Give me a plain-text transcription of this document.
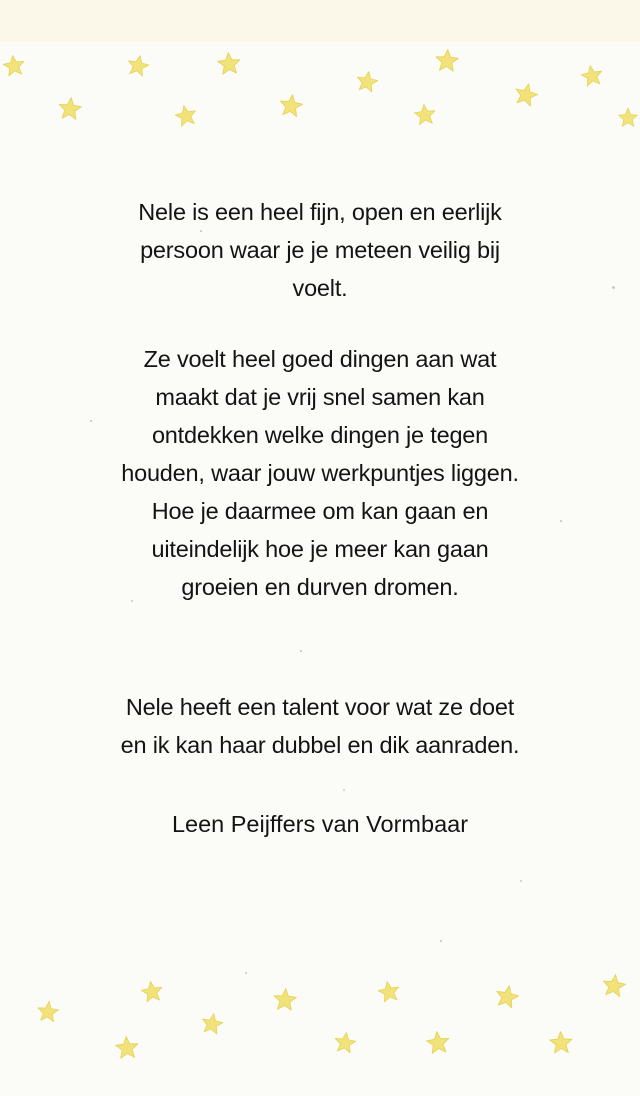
Nele is een heel fijn, open en eerlijk
persoon waar je je meteen veilig bij
voelt.
Ze voelt heel goed dingen aan wat
maakt dat je vrij snel samen kan
ontdekken welke dingen je tegen
houden, waar jouw werkpuntjes liggen.
Hoe je daarmee om kan gaan en
uiteindelijk hoe je meer kan gaan
groeien en durven dromen.
Nele heeft een talent voor wat ze doet
en ik kan haar dubbel en dik aanraden.
Leen Peijffers van Vormbaar
